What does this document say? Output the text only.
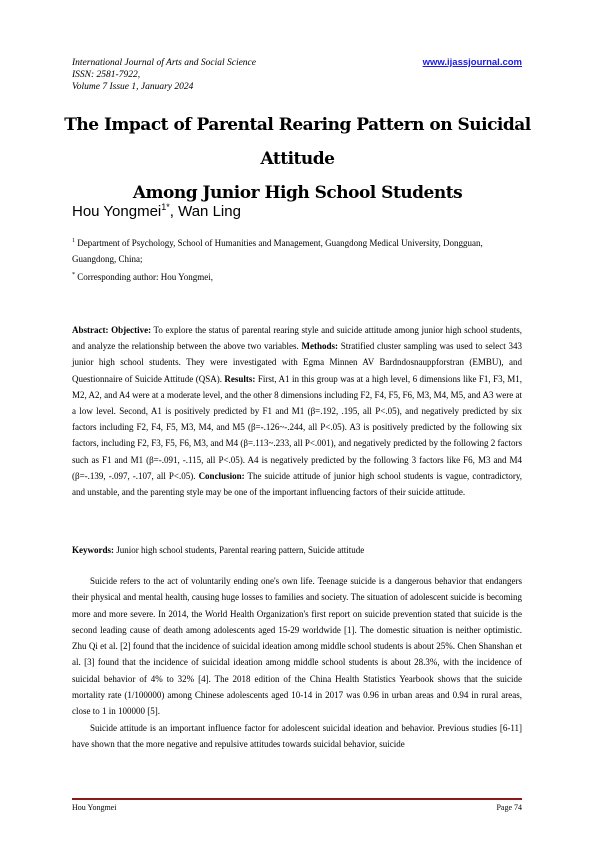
International Journal of Arts and Social Science
ISSN: 2581-7922,
Volume 7 Issue 1, January 2024
www.ijassjournal.com
The Impact of Parental Rearing Pattern on Suicidal Attitude
Among Junior High School Students
Hou Yongmei$^{1*}$, Wan Ling
$^1$ Department of Psychology, School of Humanities and Management, Guangdong Medical University, Dongguan, Guangdong, China;
* Corresponding author: Hou Yongmei,
Abstract: Objective: To explore the status of parental rearing style and suicide attitude among junior high school students, and analyze the relationship between the above two variables. Methods: Stratified cluster sampling was used to select 343 junior high school students. They were investigated with Egma Minnen AV Bardndosnauppforstran (EMBU), and Questionnaire of Suicide Attitude (QSA). Results: First, A1 in this group was at a high level, 6 dimensions like F1, F3, M1, M2, A2, and A4 were at a moderate level, and the other 8 dimensions including F2, F4, F5, F6, M3, M4, M5, and A3 were at a low level. Second, A1 is positively predicted by F1 and M1 (β=.192, .195, all P<.05), and negatively predicted by six factors including F2, F4, F5, M3, M4, and M5 (β=-.126~-.244, all P<.05). A3 is positively predicted by the following six factors, including F2, F3, F5, F6, M3, and M4 (β=.113~.233, all P<.001), and negatively predicted by the following 2 factors such as F1 and M1 (β=-.091, -.115, all P<.05). A4 is negatively predicted by the following 3 factors like F6, M3 and M4 (β=-.139, -.097, -.107, all P<.05). Conclusion: The suicide attitude of junior high school students is vague, contradictory, and unstable, and the parenting style may be one of the important influencing factors of their suicide attitude.
Keywords: Junior high school students, Parental rearing pattern, Suicide attitude

Suicide refers to the act of voluntarily ending one's own life. Teenage suicide is a dangerous behavior that endangers their physical and mental health, causing huge losses to families and society. The situation of adolescent suicide is becoming more and more severe. In 2014, the World Health Organization's first report on suicide prevention stated that suicide is the second leading cause of death among adolescents aged 15-29 worldwide [1]. The domestic situation is neither optimistic. Zhu Qi et al. [2] found that the incidence of suicidal ideation among middle school students is about 25%. Chen Shanshan et al. [3] found that the incidence of suicidal ideation among middle school students is about 28.3%, with the incidence of suicidal behavior of 4% to 32% [4]. The 2018 edition of the China Health Statistics Yearbook shows that the suicide mortality rate (1/100000) among Chinese adolescents aged 10-14 in 2017 was 0.96 in urban areas and 0.94 in rural areas, close to 1 in 100000 [5].

Suicide attitude is an important influence factor for adolescent suicidal ideation and behavior. Previous studies [6-11] have shown that the more negative and repulsive attitudes towards suicidal behavior, suicide

Hou Yongmei	Page 74
